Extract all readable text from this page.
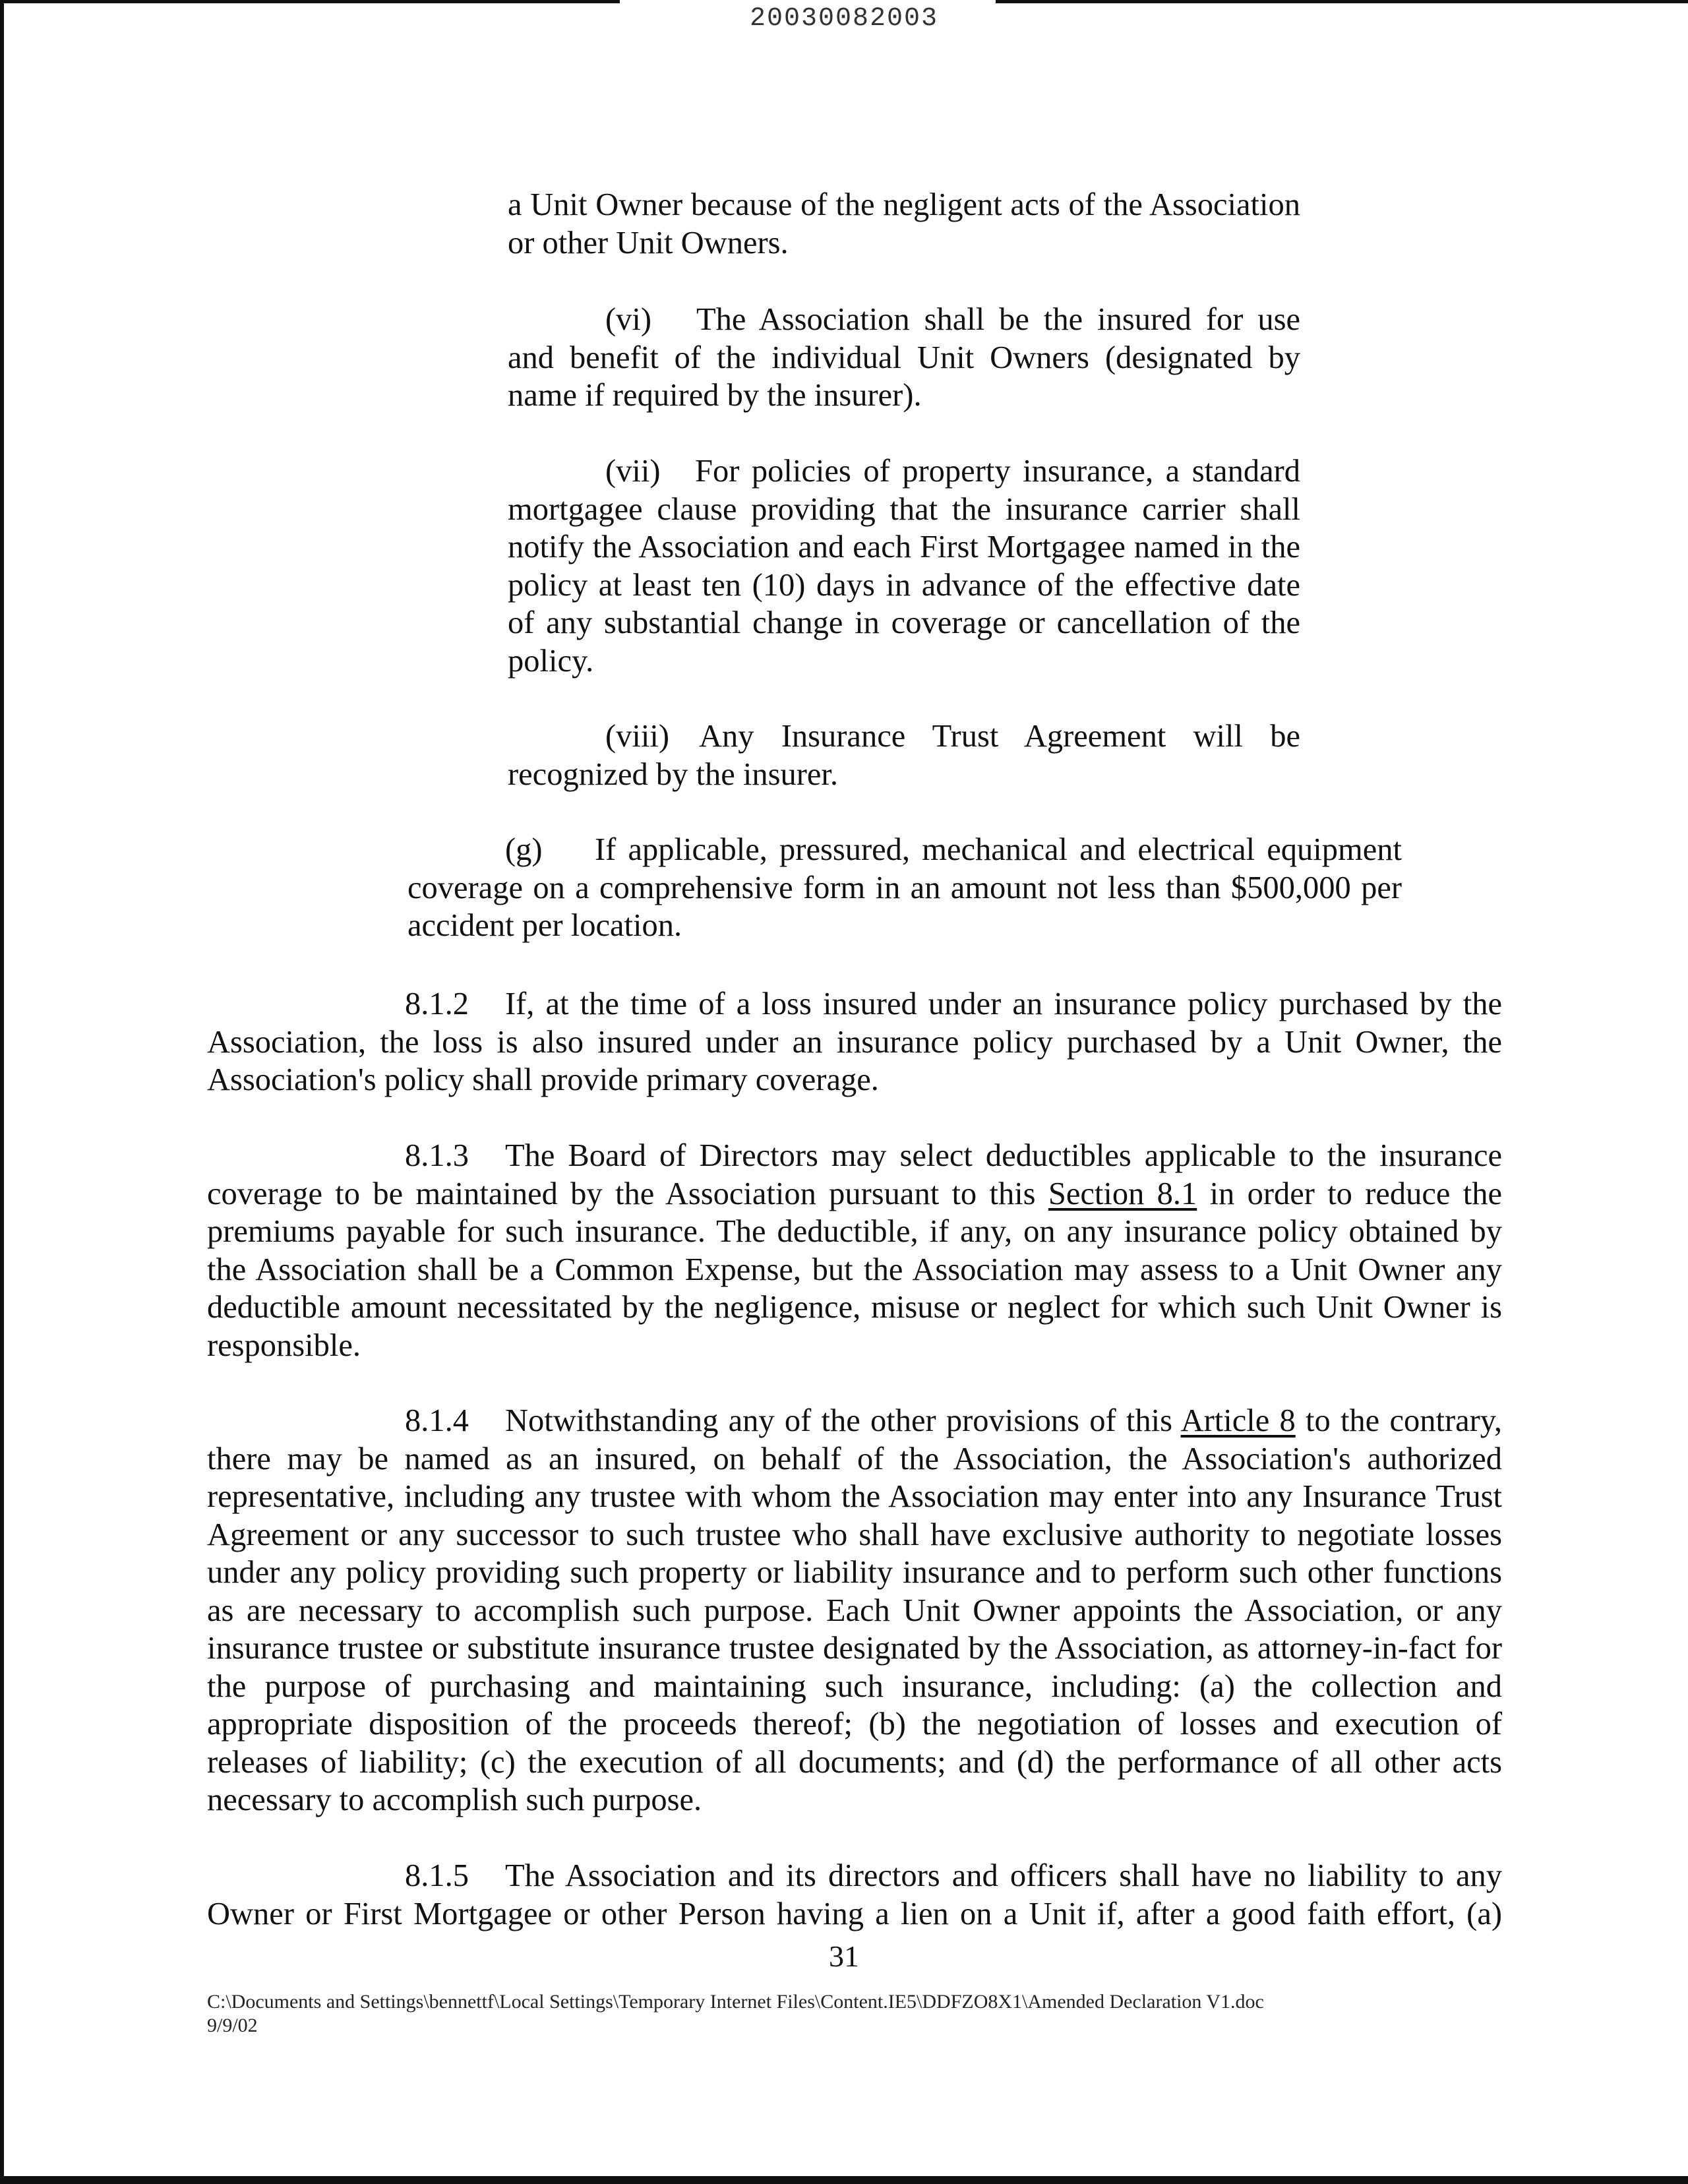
20030082003

a Unit Owner because of the negligent acts of the Association or other Unit Owners.

(vi) The Association shall be the insured for use and benefit of the individual Unit Owners (designated by name if required by the insurer).

(vii) For policies of property insurance, a standard mortgagee clause providing that the insurance carrier shall notify the Association and each First Mortgagee named in the policy at least ten (10) days in advance of the effective date of any substantial change in coverage or cancellation of the policy.

(viii) Any Insurance Trust Agreement will be recognized by the insurer.

(g) If applicable, pressured, mechanical and electrical equipment coverage on a comprehensive form in an amount not less than $500,000 per accident per location.

8.1.2 If, at the time of a loss insured under an insurance policy purchased by the Association, the loss is also insured under an insurance policy purchased by a Unit Owner, the Association's policy shall provide primary coverage.

8.1.3 The Board of Directors may select deductibles applicable to the insurance coverage to be maintained by the Association pursuant to this Section 8.1 in order to reduce the premiums payable for such insurance. The deductible, if any, on any insurance policy obtained by the Association shall be a Common Expense, but the Association may assess to a Unit Owner any deductible amount necessitated by the negligence, misuse or neglect for which such Unit Owner is responsible.

8.1.4 Notwithstanding any of the other provisions of this Article 8 to the contrary, there may be named as an insured, on behalf of the Association, the Association's authorized representative, including any trustee with whom the Association may enter into any Insurance Trust Agreement or any successor to such trustee who shall have exclusive authority to negotiate losses under any policy providing such property or liability insurance and to perform such other functions as are necessary to accomplish such purpose. Each Unit Owner appoints the Association, or any insurance trustee or substitute insurance trustee designated by the Association, as attorney-in-fact for the purpose of purchasing and maintaining such insurance, including: (a) the collection and appropriate disposition of the proceeds thereof; (b) the negotiation of losses and execution of releases of liability; (c) the execution of all documents; and (d) the performance of all other acts necessary to accomplish such purpose.

8.1.5 The Association and its directors and officers shall have no liability to any Owner or First Mortgagee or other Person having a lien on a Unit if, after a good faith effort, (a)

31
C:\Documents and Settings\bennettf\Local Settings\Temporary Internet Files\Content.IE5\DDFZO8X1\Amended Declaration V1.doc
9/9/02
